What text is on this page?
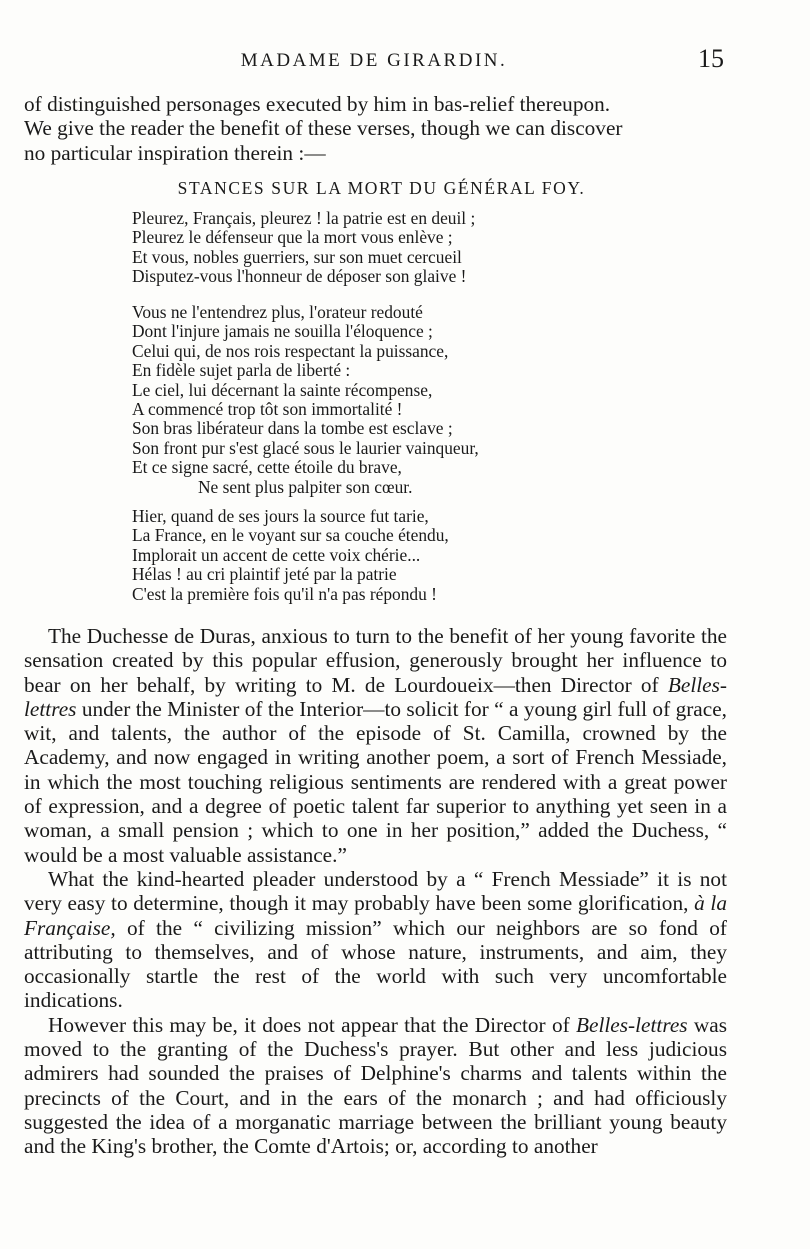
MADAME DE GIRARDIN.	15
of distinguished personages executed by him in bas-relief thereupon.
We give the reader the benefit of these verses, though we can discover
no particular inspiration therein :—
STANCES SUR LA MORT DU GÉNÉRAL FOY.
Pleurez, Français, pleurez ! la patrie est en deuil ;
Pleurez le défenseur que la mort vous enlève ;
Et vous, nobles guerriers, sur son muet cercueil
Disputez-vous l'honneur de déposer son glaive !
Vous ne l'entendrez plus, l'orateur redouté
Dont l'injure jamais ne souilla l'éloquence ;
Celui qui, de nos rois respectant la puissance,
En fidèle sujet parla de liberté :
Le ciel, lui décernant la sainte récompense,
A commencé trop tôt son immortalité !
Son bras libérateur dans la tombe est esclave ;
Son front pur s'est glacé sous le laurier vainqueur,
Et ce signe sacré, cette étoile du brave,
Ne sent plus palpiter son cœur.
Hier, quand de ses jours la source fut tarie,
La France, en le voyant sur sa couche étendu,
Implorait un accent de cette voix chérie...
Hélas ! au cri plaintif jeté par la patrie
C'est la première fois qu'il n'a pas répondu !

The Duchesse de Duras, anxious to turn to the benefit of her young favorite the sensation created by this popular effusion, generously brought her influence to bear on her behalf, by writing to M. de Lourdoueix—then Director of Belles-lettres under the Minister of the Interior—to solicit for “ a young girl full of grace, wit, and talents, the author of the episode of St. Camilla, crowned by the Academy, and now engaged in writing another poem, a sort of French Messiade, in which the most touching religious sentiments are rendered with a great power of expression, and a degree of poetic talent far superior to anything yet seen in a woman, a small pension ; which to one in her position,” added the Duchess, “ would be a most valuable assistance.”

What the kind-hearted pleader understood by a “ French Messiade” it is not very easy to determine, though it may probably have been some glorification, à la Française, of the “ civilizing mission” which our neighbors are so fond of attributing to themselves, and of whose nature, instruments, and aim, they occasionally startle the rest of the world with such very uncomfortable indications.

However this may be, it does not appear that the Director of Belles-lettres was moved to the granting of the Duchess's prayer. But other and less judicious admirers had sounded the praises of Delphine's charms and talents within the precincts of the Court, and in the ears of the monarch ; and had officiously suggested the idea of a morganatic marriage between the brilliant young beauty and the King's brother, the Comte d'Artois; or, according to another
